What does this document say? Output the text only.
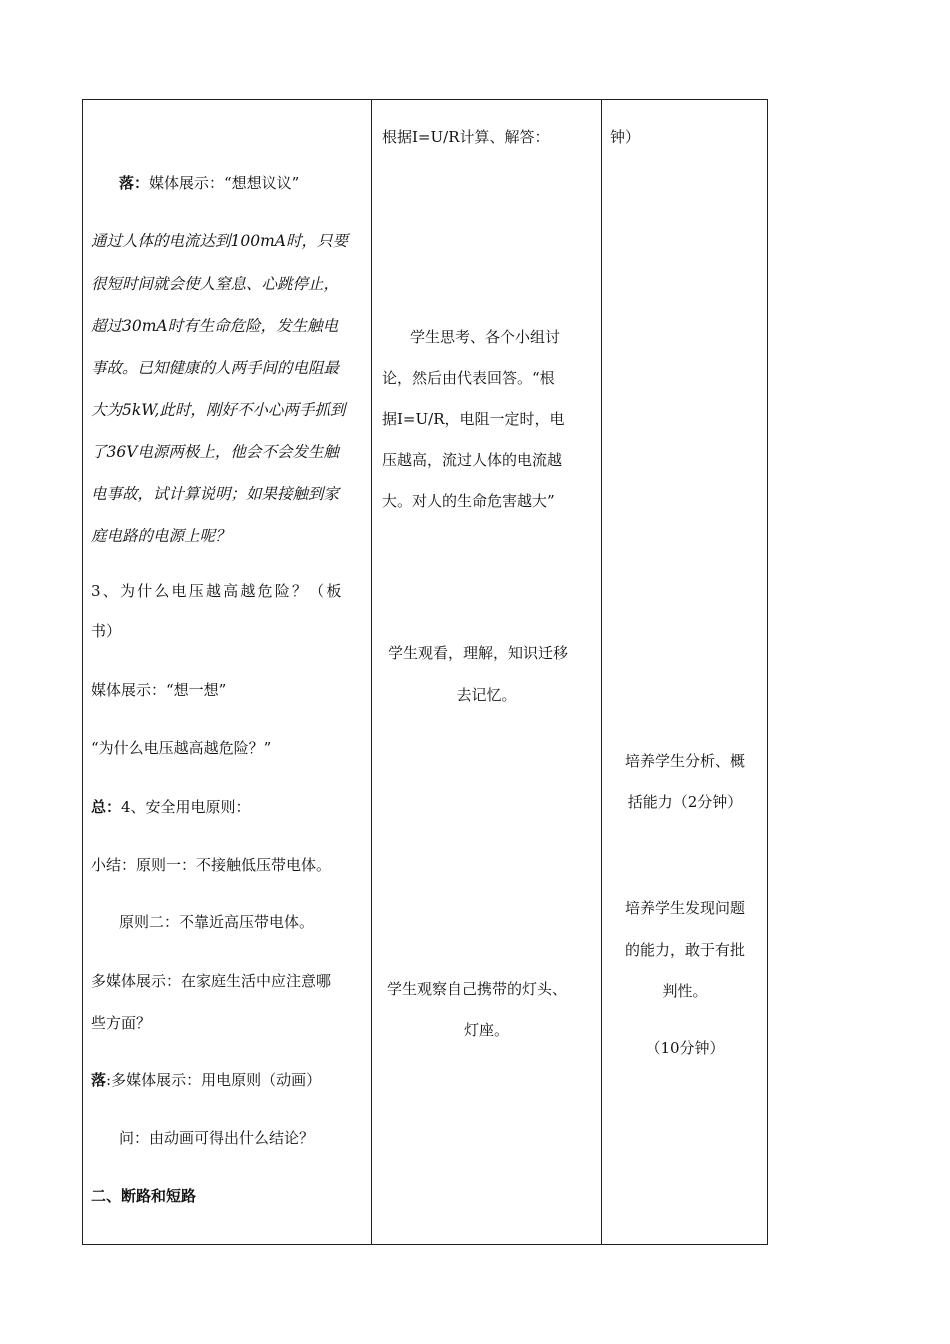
落：媒体展示：“想想议议”
通过人体的电流达到100mA时，只要
很短时间就会使人窒息、心跳停止，
超过30mA时有生命危险，发生触电
事故。已知健康的人两手间的电阻最
大为5kW,此时，刚好不小心两手抓到
了36V电源两极上，他会不会发生触
电事故，试计算说明；如果接触到家
庭电路的电源上呢？
3、为什么电压越高越危险？（板
书）
媒体展示：“想一想”
“为什么电压越高越危险？”
总：4、安全用电原则：
小结：原则一：不接触低压带电体。
原则二：不靠近高压带电体。
多媒体展示：在家庭生活中应注意哪
些方面？
落:多媒体展示：用电原则（动画）
问：由动画可得出什么结论？
二、断路和短路
根据I=U/R计算、解答：
学生思考、各个小组讨
论，然后由代表回答。“根
据I=U/R，电阻一定时，电
压越高，流过人体的电流越
大。对人的生命危害越大”
学生观看，理解，知识迁移
去记忆。
学生观察自己携带的灯头、
灯座。
钟）
培养学生分析、概
括能力（2分钟）
培养学生发现问题
的能力，敢于有批
判性。
（10分钟）
